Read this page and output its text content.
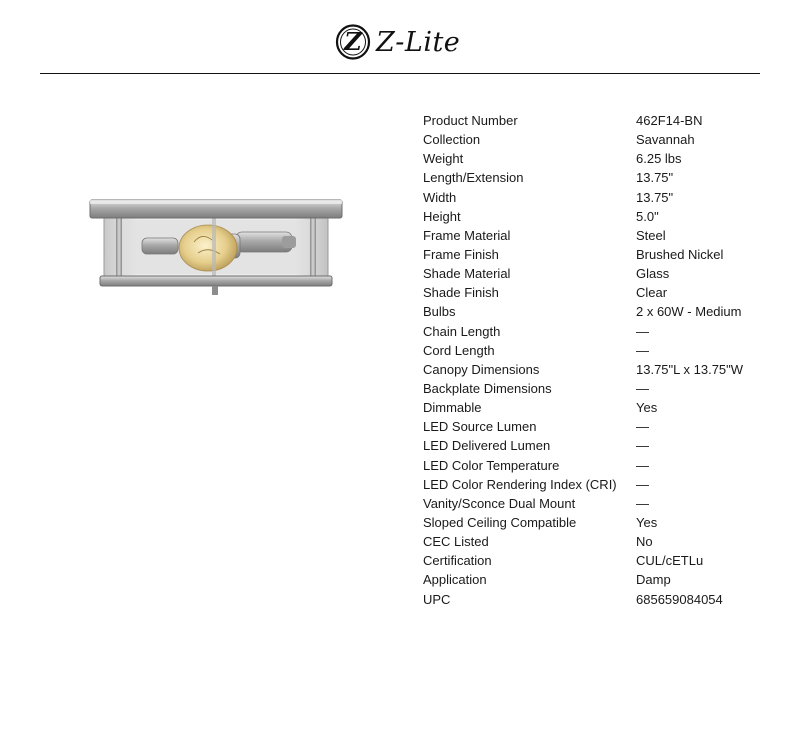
Z Z-Lite
Product Number	462F14-BN
Collection	Savannah
Weight	6.25 lbs
Length/Extension	13.75"
Width	13.75"
Height	5.0"
Frame Material	Steel
Frame Finish	Brushed Nickel
Shade Material	Glass
Shade Finish	Clear
Bulbs	2 x 60W - Medium
Chain Length	—
Cord Length	—
Canopy Dimensions	13.75"L x 13.75"W
Backplate Dimensions	—
Dimmable	Yes
LED Source Lumen	—
LED Delivered Lumen	—
LED Color Temperature	—
LED Color Rendering Index (CRI)	—
Vanity/Sconce Dual Mount	—
Sloped Ceiling Compatible	Yes
CEC Listed	No
Certification	CUL/cETLu
Application	Damp
UPC	685659084054
